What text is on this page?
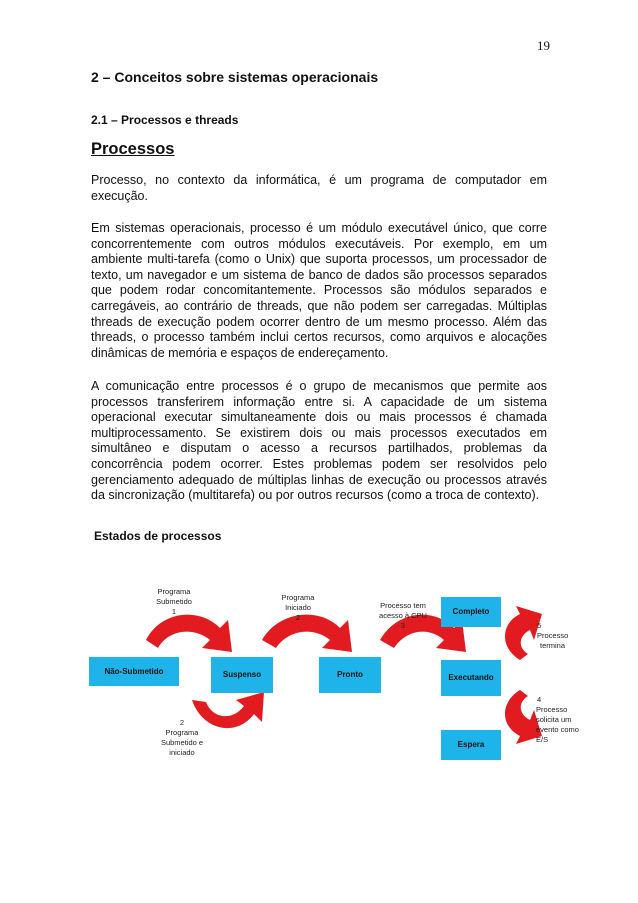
19
2 – Conceitos sobre sistemas operacionais
2.1 – Processos e threads
Processos

Processo, no contexto da informática, é um programa de computador em execução.

Em sistemas operacionais, processo é um módulo executável único, que corre concorrentemente com outros módulos executáveis. Por exemplo, em um ambiente multi-tarefa (como o Unix) que suporta processos, um processador de texto, um navegador e um sistema de banco de dados são processos separados que podem rodar concomitantemente. Processos são módulos separados e carregáveis, ao contrário de threads, que não podem ser carregadas. Múltiplas threads de execução podem ocorrer dentro de um mesmo processo. Além das threads, o processo também inclui certos recursos, como arquivos e alocações dinâmicas de memória e espaços de endereçamento.

A comunicação entre processos é o grupo de mecanismos que permite aos processos transferirem informação entre si. A capacidade de um sistema operacional executar simultaneamente dois ou mais processos é chamada multiprocessamento. Se existirem dois ou mais processos executados em simultâneo e disputam o acesso a recursos partilhados, problemas da concorrência podem ocorrer. Estes problemas podem ser resolvidos pelo gerenciamento adequado de múltiplas linhas de execução ou processos através da sincronização (multitarefa) ou por outros recursos (como a troca de contexto).

Estados de processos
Não-Submetido	Suspenso	Pronto
Completo
Executando
Espera
Programa
Submetido
1
Programa
Iniciado
2
Processo tem
acesso à CPU
3
2
Programa
Submetido e
iniciado
5
Processo
termina
4
Processo
solicita um
evento como
E/S
